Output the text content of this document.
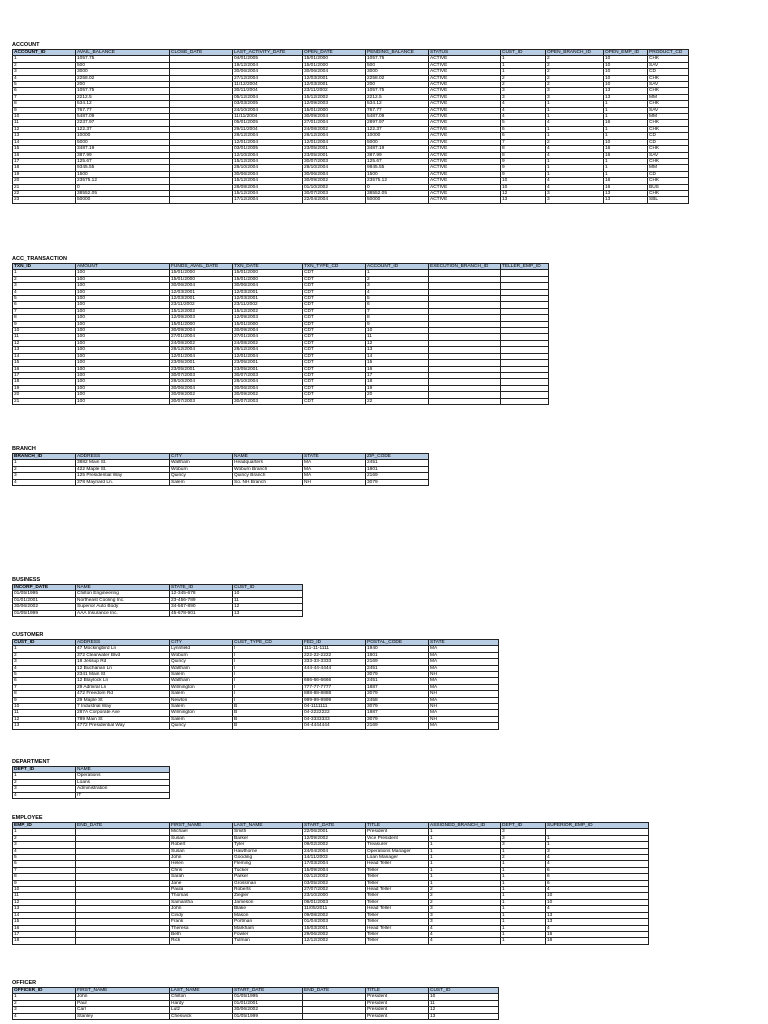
ACCOUNT
ACCOUNT_ID	AVAIL_BALANCE	CLOSE_DATE	LAST_ACTIVITY_DATE	OPEN_DATE	PENDING_BALANCE	STATUS	CUST_ID	OPEN_BRANCH_ID	OPEN_EMP_ID	PRODUCT_CD
1	1057.75		04/01/2005	15/01/2000	1057.75	ACTIVE	1	2	10	CHK
2	500		19/12/2004	15/01/2000	500	ACTIVE	1	2	10	SAV
3	3000		30/06/2004	30/06/2004	3000	ACTIVE	1	2	10	CD
4	2258.02		27/12/2004	12/03/2001	2258.02	ACTIVE	2	2	10	CHK
5	200		11/12/2004	12/03/2001	200	ACTIVE	2	2	10	SAV
6	1057.75		30/11/2004	23/11/2002	1057.75	ACTIVE	3	3	13	CHK
7	2212.5		05/12/2004	15/12/2002	2212.5	ACTIVE	3	3	13	MM
8	534.12		03/03/2005	12/09/2003	534.12	ACTIVE	4	1	1	CHK
9	767.77		24/10/2004	15/01/2000	767.77	ACTIVE	4	1	1	SAV
10	5487.09		11/11/2004	30/09/2004	5487.09	ACTIVE	4	1	1	MM
11	2237.97		05/01/2005	27/01/2004	2897.97	ACTIVE	5	4	16	CHK
12	122.37		29/11/2004	24/08/2002	122.37	ACTIVE	6	1	1	CHK
13	10000		28/12/2004	28/12/2004	10000	ACTIVE	6	1	1	CD
14	5000		12/01/2004	12/01/2004	5000	ACTIVE	7	2	10	CD
15	3487.19		03/01/2005	23/05/2001	3487.19	ACTIVE	8	4	16	CHK
16	387.99		12/10/2004	23/05/2001	387.99	ACTIVE	8	4	16	SAV
17	125.67		15/12/2004	30/07/2003	125.67	ACTIVE	9	1	1	CHK
18	9345.55		28/10/2004	28/10/2004	9845.55	ACTIVE	9	1	1	MM
19	1500		30/06/2004	30/06/2004	1500	ACTIVE	9	1	1	CD
20	23575.12		15/12/2004	30/09/2002	23575.12	ACTIVE	10	4	16	CHK
21	0		28/08/2004	01/10/2002	0	ACTIVE	10	4	16	BUS
22	38552.05		15/12/2004	30/07/2003	38552.05	ACTIVE	12	3	13	CHK
23	50000		17/12/2004	22/04/2004	50000	ACTIVE	13	3	13	SBL
ACC_TRANSACTION
TXN_ID	AMOUNT	FUNDS_AVAIL_DATE	TXN_DATE	TXN_TYPE_CD	ACCOUNT_ID	EXECUTION_BRANCH_ID	TELLER_EMP_ID
1	100	15/01/2000	15/01/2000	CDT	1		
2	100	15/01/2000	15/01/2000	CDT	2		
3	100	30/06/2004	30/06/2004	CDT	3		
4	100	12/03/2001	12/03/2001	CDT	4		
5	100	12/03/2001	12/03/2001	CDT	5		
6	100	23/11/2002	23/11/2002	CDT	6		
7	100	15/12/2002	15/12/2002	CDT	7		
8	100	12/09/2003	12/09/2003	CDT	8		
9	100	15/01/2000	15/01/2000	CDT	9		
10	100	30/09/2004	30/09/2004	CDT	10		
11	100	27/01/2004	27/01/2004	CDT	11		
12	100	24/08/2002	24/08/2002	CDT	12		
13	100	28/12/2004	28/12/2004	CDT	13		
14	100	12/01/2004	12/01/2004	CDT	14		
15	100	23/05/2001	23/05/2001	CDT	15		
16	100	23/05/2001	23/05/2001	CDT	16		
17	100	30/07/2003	30/07/2003	CDT	17		
18	100	28/10/2004	28/10/2004	CDT	18		
19	100	30/06/2004	30/06/2004	CDT	19		
20	100	30/09/2002	30/09/2002	CDT	20		
21	100	30/07/2003	30/07/2003	CDT	22		
BRANCH
BRANCH_ID	ADDRESS	CITY	NAME	STATE	ZIP_CODE
1	3882 Main St.	Waltham	Headquarters	MA	2451
2	422 Maple St.	Woburn	Woburn Branch	MA	1801
3	125 Presidential Way	Quincy	Quincy Branch	MA	2169
4	378 Maynard Ln.	Salem	So. NH Branch	NH	3079
BUSINESS
INCORP_DATE	NAME	STATE_ID	CUST_ID
01/05/1995	Chilton Engineering	12-345-678	10
01/01/2001	Northeast Cooling Inc.	23-456-789	11
30/06/2002	Superior Auto Body	34-567-890	12
01/05/1999	AAA Insurance Inc.	45-678-901	13
CUSTOMER
CUST_ID	ADDRESS	CITY	CUST_TYPE_CD	FED_ID	POSTAL_CODE	STATE
1	47 Mockingbird Ln	Lynnfield	I	111-11-1111	1940	MA
2	372 Clearwater Blvd	Woburn	I	222-22-2222	1801	MA
3	18 Jessup Rd	Quincy	I	333-33-3333	2169	MA
4	12 Buchanan Ln	Waltham	I	444-44-4444	2451	MA
5	2341 Main St	Salem	I		3079	NH
6	12 Blaylock Ln	Waltham	I	666-66-6666	2451	MA
7	29 Admiral Ln	Wilmington	I	777-77-7777	1887	MA
8	472 Freedom Rd	Salem	I	888-88-8888	3079	NH
9	29 Maple St	Newton	I	999-99-9999	2458	MA
10	7 Industrial Way	Salem	B	04-1111111	3079	NH
11	287A Corporate Ave	Wilmington	B	04-2222222	1887	MA
12	789 Main St	Salem	B	04-3333333	3079	NH
13	4772 Presidential Way	Quincy	B	04-4444444	2169	MA
DEPARTMENT
DEPT_ID	NAME
1	Operations
2	Loans
3	Administration
4	IT
EMPLOYEE
EMP_ID	END_DATE	FIRST_NAME	LAST_NAME	START_DATE	TITLE	ASSIGNED_BRANCH_ID	DEPT_ID	SUPERIOR_EMP_ID
1		Michael	Smith	22/06/2001	President	1	3	
2		Susan	Barker	12/09/2002	Vice President	1	3	1
3		Robert	Tyler	09/02/2002	Treasurer	1	3	1
4		Susan	Hawthorne	24/04/2004	Operations Manager	1	1	3
5		John	Gooding	14/11/2003	Loan Manager	1	2	4
6		Helen	Fleming	17/03/2004	Head Teller	1	1	4
7		Chris	Tucker	15/09/2004	Teller	1	1	6
8		Sarah	Parker	02/12/2002	Teller	1	1	6
9		Jane	Grossman	03/05/2002	Teller	1	1	6
10		Paula	Roberts	27/07/2002	Head Teller	2	1	4
11		Thomas	Ziegler	23/10/2000	Teller	2	1	10
12		Samantha	Jameson	08/01/2003	Teller	2	1	10
13		John	Blake	11/05/2011	Head Teller	3	1	4
14		Cindy	Mason	09/08/2002	Teller	3	1	13
15		Frank	Portman	01/04/2003	Teller	3	1	13
16		Theresa	Markham	15/03/2001	Head Teller	4	1	4
17		Beth	Fowler	29/06/2002	Teller	4	1	16
18		Rick	Tulman	12/12/2002	Teller	4	1	16
OFFICER
OFFICER_ID	FIRST_NAME	LAST_NAME	START_DATE	END_DATE	TITLE	CUST_ID
1	John	Chilton	01/05/1995		President	10
2	Paul	Hardy	01/01/2001		President	11
3	Carl	Lutz	30/06/2002		President	12
4	Stanley	Cheswick	01/05/1999		President	13
